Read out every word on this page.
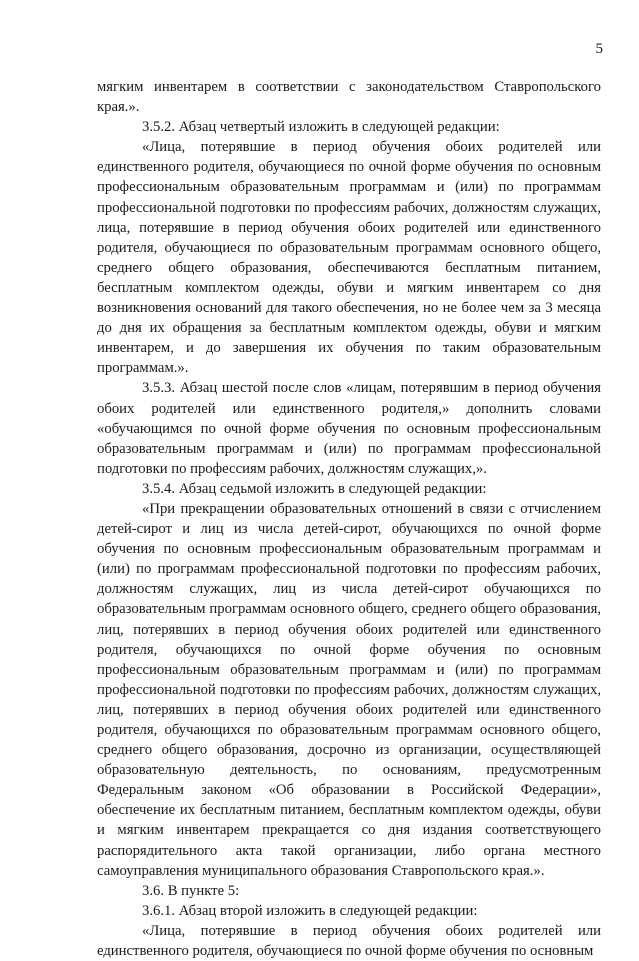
5

мягким инвентарем в соответствии с законодательством Ставропольского края.».

3.5.2. Абзац четвертый изложить в следующей редакции:

«Лица, потерявшие в период обучения обоих родителей или единственного родителя, обучающиеся по очной форме обучения по основным профессиональным образовательным программам и (или) по программам профессиональной подготовки по профессиям рабочих, должностям служащих, лица, потерявшие в период обучения обоих родителей или единственного родителя, обучающиеся по образовательным программам основного общего, среднего общего образования, обеспечиваются бесплатным питанием, бесплатным комплектом одежды, обуви и мягким инвентарем со дня возникновения оснований для такого обеспечения, но не более чем за 3 месяца до дня их обращения за бесплатным комплектом одежды, обуви и мягким инвентарем, и до завершения их обучения по таким образовательным программам.».

3.5.3. Абзац шестой после слов «лицам, потерявшим в период обучения обоих родителей или единственного родителя,» дополнить словами «обучающимся по очной форме обучения по основным профессиональным образовательным программам и (или) по программам профессиональной подготовки по профессиям рабочих, должностям служащих,».

3.5.4. Абзац седьмой изложить в следующей редакции:

«При прекращении образовательных отношений в связи с отчислением детей-сирот и лиц из числа детей-сирот, обучающихся по очной форме обучения по основным профессиональным образовательным программам и (или) по программам профессиональной подготовки по профессиям рабочих, должностям служащих, лиц из числа детей-сирот обучающихся по образовательным программам основного общего, среднего общего образования, лиц, потерявших в период обучения обоих родителей или единственного родителя, обучающихся по очной форме обучения по основным профессиональным образовательным программам и (или) по программам профессиональной подготовки по профессиям рабочих, должностям служащих, лиц, потерявших в период обучения обоих родителей или единственного родителя, обучающихся по образовательным программам основного общего, среднего общего образования, досрочно из организации, осуществляющей образовательную деятельность, по основаниям, предусмотренным Федеральным законом «Об образовании в Российской Федерации», обеспечение их бесплатным питанием, бесплатным комплектом одежды, обуви и мягким инвентарем прекращается со дня издания соответствующего распорядительного акта такой организации, либо органа местного самоуправления муниципального образования Ставропольского края.».

3.6. В пункте 5:

3.6.1. Абзац второй изложить в следующей редакции:

«Лица, потерявшие в период обучения обоих родителей или единственного родителя, обучающиеся по очной форме обучения по основным
